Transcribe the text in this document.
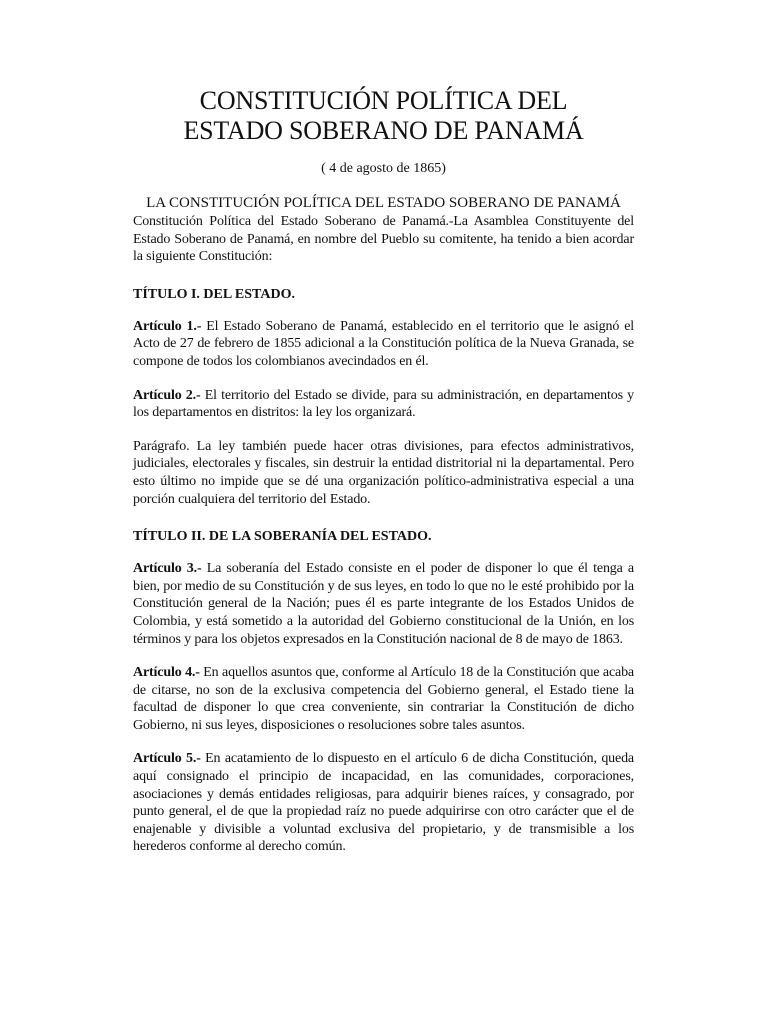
CONSTITUCIÓN POLÍTICA DEL
ESTADO SOBERANO DE PANAMÁ
( 4 de agosto de 1865)
LA CONSTITUCIÓN POLÍTICA DEL ESTADO SOBERANO DE PANAMÁ

Constitución Política del Estado Soberano de Panamá.-La Asamblea Constituyente del Estado Soberano de Panamá, en nombre del Pueblo su comitente, ha tenido a bien acordar la siguiente Constitución:

TÍTULO I. DEL ESTADO.

Artículo 1.- El Estado Soberano de Panamá, establecido en el territorio que le asignó el Acto de 27 de febrero de 1855 adicional a la Constitución política de la Nueva Granada, se compone de todos los colombianos avecindados en él.

Artículo 2.- El territorio del Estado se divide, para su administración, en departamentos y los departamentos en distritos: la ley los organizará.

Parágrafo. La ley también puede hacer otras divisiones, para efectos administrativos, judiciales, electorales y fiscales, sin destruir la entidad distritorial ni la departamental. Pero esto último no impide que se dé una organización político-administrativa especial a una porción cualquiera del territorio del Estado.

TÍTULO II. DE LA SOBERANÍA DEL ESTADO.

Artículo 3.- La soberanía del Estado consiste en el poder de disponer lo que él tenga a bien, por medio de su Constitución y de sus leyes, en todo lo que no le esté prohibido por la Constitución general de la Nación; pues él es parte integrante de los Estados Unidos de Colombia, y está sometido a la autoridad del Gobierno constitucional de la Unión, en los términos y para los objetos expresados en la Constitución nacional de 8 de mayo de 1863.

Artículo 4.- En aquellos asuntos que, conforme al Artículo 18 de la Constitución que acaba de citarse, no son de la exclusiva competencia del Gobierno general, el Estado tiene la facultad de disponer lo que crea conveniente, sin contrariar la Constitución de dicho Gobierno, ni sus leyes, disposiciones o resoluciones sobre tales asuntos.

Artículo 5.- En acatamiento de lo dispuesto en el artículo 6 de dicha Constitución, queda aquí consignado el principio de incapacidad, en las comunidades, corporaciones, asociaciones y demás entidades religiosas, para adquirir bienes raíces, y consagrado, por punto general, el de que la propiedad raíz no puede adquirirse con otro carácter que el de enajenable y divisible a voluntad exclusiva del propietario, y de transmisible a los herederos conforme al derecho común.
